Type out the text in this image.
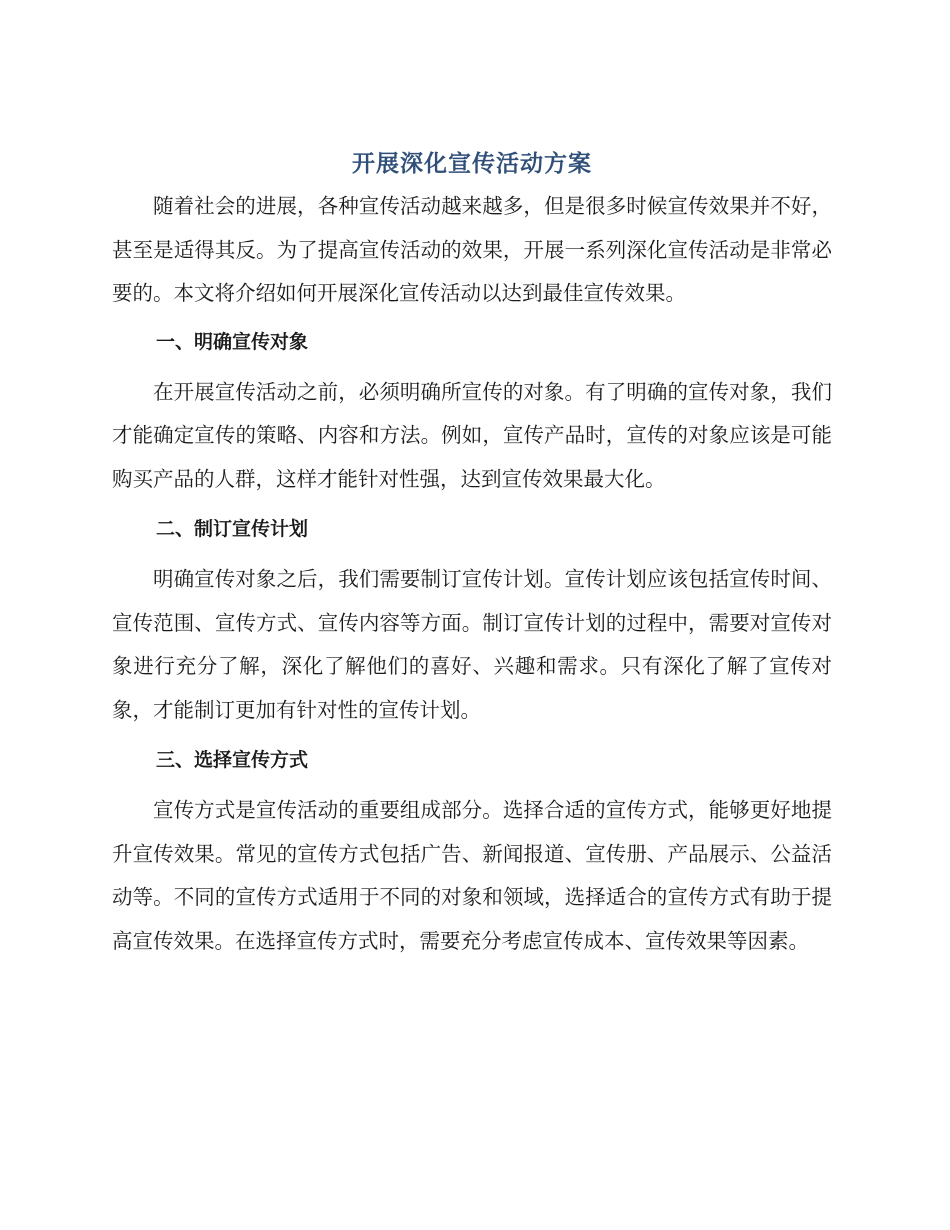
开展深化宣传活动方案

随着社会的进展，各种宣传活动越来越多，但是很多时候宣传效果并不好，甚至是适得其反。为了提高宣传活动的效果，开展一系列深化宣传活动是非常必要的。本文将介绍如何开展深化宣传活动以达到最佳宣传效果。

一、明确宣传对象

在开展宣传活动之前，必须明确所宣传的对象。有了明确的宣传对象，我们才能确定宣传的策略、内容和方法。例如，宣传产品时，宣传的对象应该是可能购买产品的人群，这样才能针对性强，达到宣传效果最大化。

二、制订宣传计划

明确宣传对象之后，我们需要制订宣传计划。宣传计划应该包括宣传时间、宣传范围、宣传方式、宣传内容等方面。制订宣传计划的过程中，需要对宣传对象进行充分了解，深化了解他们的喜好、兴趣和需求。只有深化了解了宣传对象，才能制订更加有针对性的宣传计划。

三、选择宣传方式

宣传方式是宣传活动的重要组成部分。选择合适的宣传方式，能够更好地提升宣传效果。常见的宣传方式包括广告、新闻报道、宣传册、产品展示、公益活动等。不同的宣传方式适用于不同的对象和领域，选择适合的宣传方式有助于提高宣传效果。在选择宣传方式时，需要充分考虑宣传成本、宣传效果等因素。
